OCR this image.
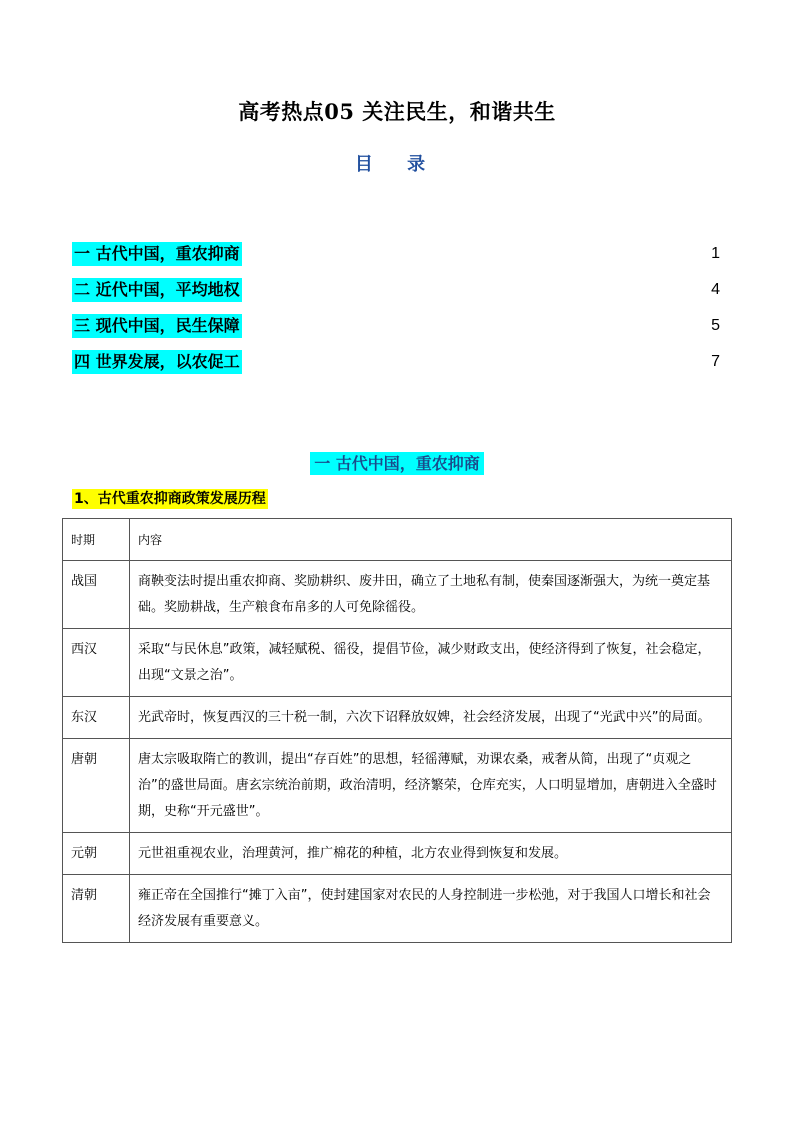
高考热点05 关注民生，和谐共生
目 录
一 古代中国，重农抑商	1
二 近代中国，平均地权	4
三 现代中国，民生保障	5
四 世界发展，以农促工	7
一 古代中国，重农抑商
1、古代重农抑商政策发展历程
时期	内容
战国	商鞅变法时提出重农抑商、奖励耕织、废井田，确立了土地私有制，使秦国逐渐强大，为统一奠定基础。奖励耕战，生产粮食布帛多的人可免除徭役。
西汉	采取“与民休息”政策，减轻赋税、徭役，提倡节俭，减少财政支出，使经济得到了恢复，社会稳定，出现“文景之治”。
东汉	光武帝时，恢复西汉的三十税一制，六次下诏释放奴婢，社会经济发展，出现了“光武中兴”的局面。
唐朝	唐太宗吸取隋亡的教训，提出“存百姓”的思想，轻徭薄赋，劝课农桑，戒奢从简，出现了“贞观之治”的盛世局面。唐玄宗统治前期，政治清明，经济繁荣，仓库充实，人口明显增加，唐朝进入全盛时期，史称“开元盛世”。
元朝	元世祖重视农业，治理黄河，推广棉花的种植，北方农业得到恢复和发展。
清朝	雍正帝在全国推行“摊丁入亩”，使封建国家对农民的人身控制进一步松弛，对于我国人口增长和社会经济发展有重要意义。
